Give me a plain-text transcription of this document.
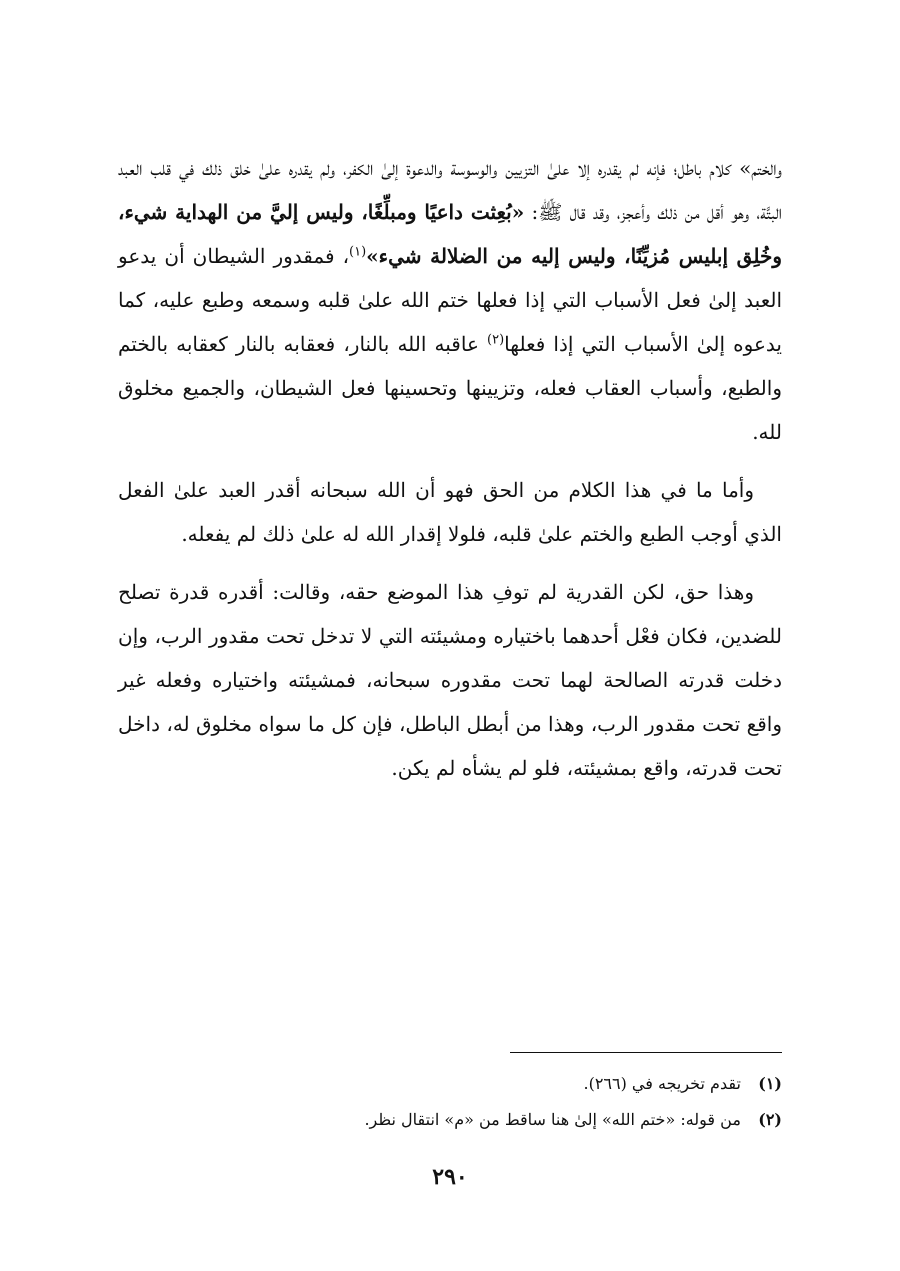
والختم» كلام باطل؛ فإنه لم يقدره إلا علىٰ التزيين والوسوسة والدعوة إلىٰ الكفر، ولم يقدره علىٰ خلق ذلك في قلب العبد البتَّة، وهو أقل من ذلك وأعجز، وقد قال ﷺ: «بُعِثت داعيًا ومبلِّغًا، وليس إليَّ من الهداية شيء، وخُلِق إبليس مُزيِّنًا، وليس إليه من الضلالة شيء»$^{(١)}$، فمقدور الشيطان أن يدعو العبد إلىٰ فعل الأسباب التي إذا فعلها ختم الله علىٰ قلبه وسمعه وطبع عليه، كما يدعوه إلىٰ الأسباب التي إذا فعلها$^{(٢)}$ عاقبه الله بالنار، فعقابه بالنار كعقابه بالختم والطبع، وأسباب العقاب فعله، وتزيينها وتحسينها فعل الشيطان، والجميع مخلوق لله.

وأما ما في هذا الكلام من الحق فهو أن الله سبحانه أقدر العبد علىٰ الفعل الذي أوجب الطبع والختم علىٰ قلبه، فلولا إقدار الله له علىٰ ذلك لم يفعله.

وهذا حق، لكن القدرية لم توفِ هذا الموضع حقه، وقالت: أقدره قدرة تصلح للضدين، فكان فعْل أحدهما باختياره ومشيئته التي لا تدخل تحت مقدور الرب، وإن دخلت قدرته الصالحة لهما تحت مقدوره سبحانه، فمشيئته واختياره وفعله غير واقع تحت مقدور الرب، وهذا من أبطل الباطل، فإن كل ما سواه مخلوق له، داخل تحت قدرته، واقع بمشيئته، فلو لم يشأه لم يكن.

(١) تقدم تخريجه في (٢٦٦).
(٢) من قوله: «ختم الله» إلىٰ هنا ساقط من «م» انتقال نظر.
٢٩٠
